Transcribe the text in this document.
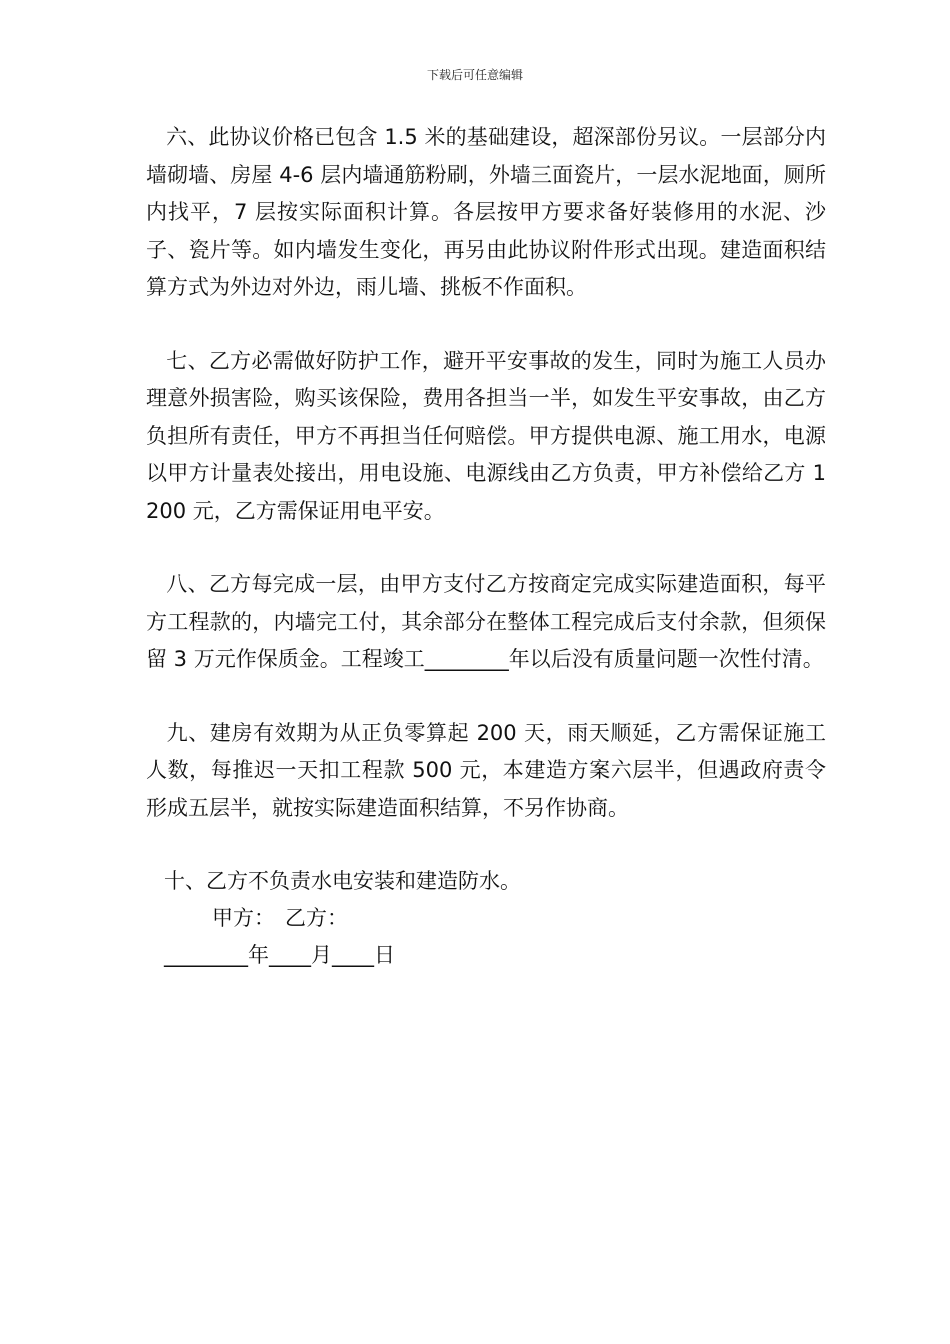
下载后可任意编辑

六、此协议价格已包含 1.5 米的基础建设，超深部份另议。一层部分内墙砌墙、房屋 4-6 层内墙通筋粉刷，外墙三面瓷片，一层水泥地面，厕所内找平，7 层按实际面积计算。各层按甲方要求备好装修用的水泥、沙子、瓷片等。如内墙发生变化，再另由此协议附件形式出现。建造面积结算方式为外边对外边，雨儿墙、挑板不作面积。

七、乙方必需做好防护工作，避开平安事故的发生，同时为施工人员办理意外损害险，购买该保险，费用各担当一半，如发生平安事故，由乙方负担所有责任，甲方不再担当任何赔偿。甲方提供电源、施工用水，电源以甲方计量表处接出，用电设施、电源线由乙方负责，甲方补偿给乙方 1200 元，乙方需保证用电平安。

八、乙方每完成一层，由甲方支付乙方按商定完成实际建造面积，每平方工程款的，内墙完工付，其余部分在整体工程完成后支付余款，但须保留 3 万元作保质金。工程竣工________年以后没有质量问题一次性付清。

九、建房有效期为从正负零算起 200 天，雨天顺延，乙方需保证施工人数，每推迟一天扣工程款 500 元，本建造方案六层半，但遇政府责令形成五层半，就按实际建造面积结算，不另作协商。

十、乙方不负责水电安装和建造防水。

甲方： 乙方：

________年____月____日
